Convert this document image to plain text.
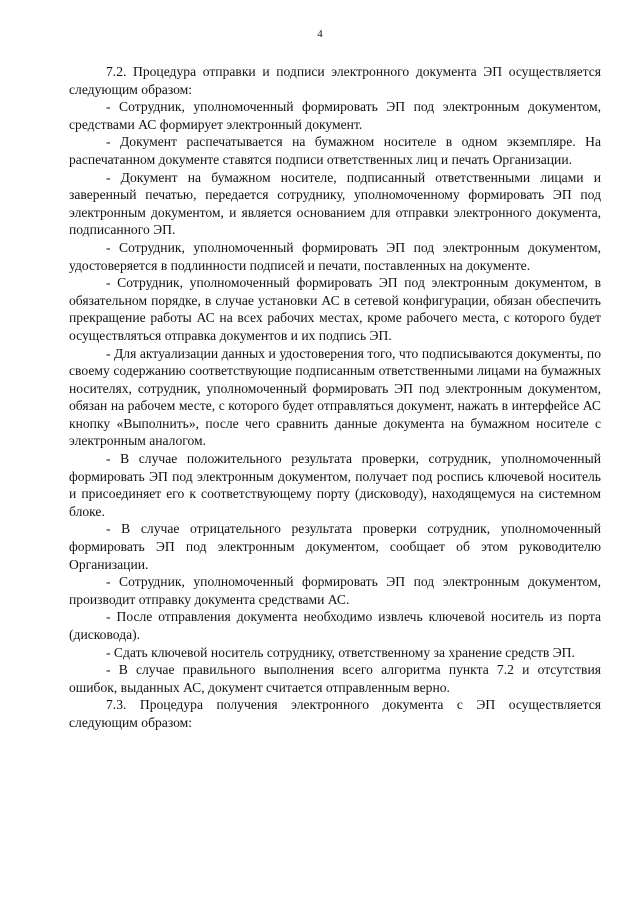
4

7.2. Процедура отправки и подписи электронного документа ЭП осуществляется следующим образом:

- Сотрудник, уполномоченный формировать ЭП под электронным документом, средствами АС формирует электронный документ.

- Документ распечатывается на бумажном носителе в одном экземпляре. На распечатанном документе ставятся подписи ответственных лиц и печать Организации.

- Документ на бумажном носителе, подписанный ответственными лицами и заверенный печатью, передается сотруднику, уполномоченному формировать ЭП под электронным документом, и является основанием для отправки электронного документа, подписанного ЭП.

- Сотрудник, уполномоченный формировать ЭП под электронным документом, удостоверяется в подлинности подписей и печати, поставленных на документе.

- Сотрудник, уполномоченный формировать ЭП под электронным документом, в обязательном порядке, в случае установки АС в сетевой конфигурации, обязан обеспечить прекращение работы АС на всех рабочих местах, кроме рабочего места, с которого будет осуществляться отправка документов и их подпись ЭП.

- Для актуализации данных и удостоверения того, что подписываются документы, по своему содержанию соответствующие подписанным ответственными лицами на бумажных носителях, сотрудник, уполномоченный формировать ЭП под электронным документом, обязан на рабочем месте, с которого будет отправляться документ, нажать в интерфейсе АС кнопку «Выполнить», после чего сравнить данные документа на бумажном носителе с электронным аналогом.

- В случае положительного результата проверки, сотрудник, уполномоченный формировать ЭП под электронным документом, получает под роспись ключевой носитель и присоединяет его к соответствующему порту (дисководу), находящемуся на системном блоке.

- В случае отрицательного результата проверки сотрудник, уполномоченный формировать ЭП под электронным документом, сообщает об этом руководителю Организации.

- Сотрудник, уполномоченный формировать ЭП под электронным документом, производит отправку документа средствами АС.

- После отправления документа необходимо извлечь ключевой носитель из порта (дисковода).

- Сдать ключевой носитель сотруднику, ответственному за хранение средств ЭП.

- В случае правильного выполнения всего алгоритма пункта 7.2 и отсутствия ошибок, выданных АС, документ считается отправленным верно.

7.3. Процедура получения электронного документа с ЭП осуществляется следующим образом:
